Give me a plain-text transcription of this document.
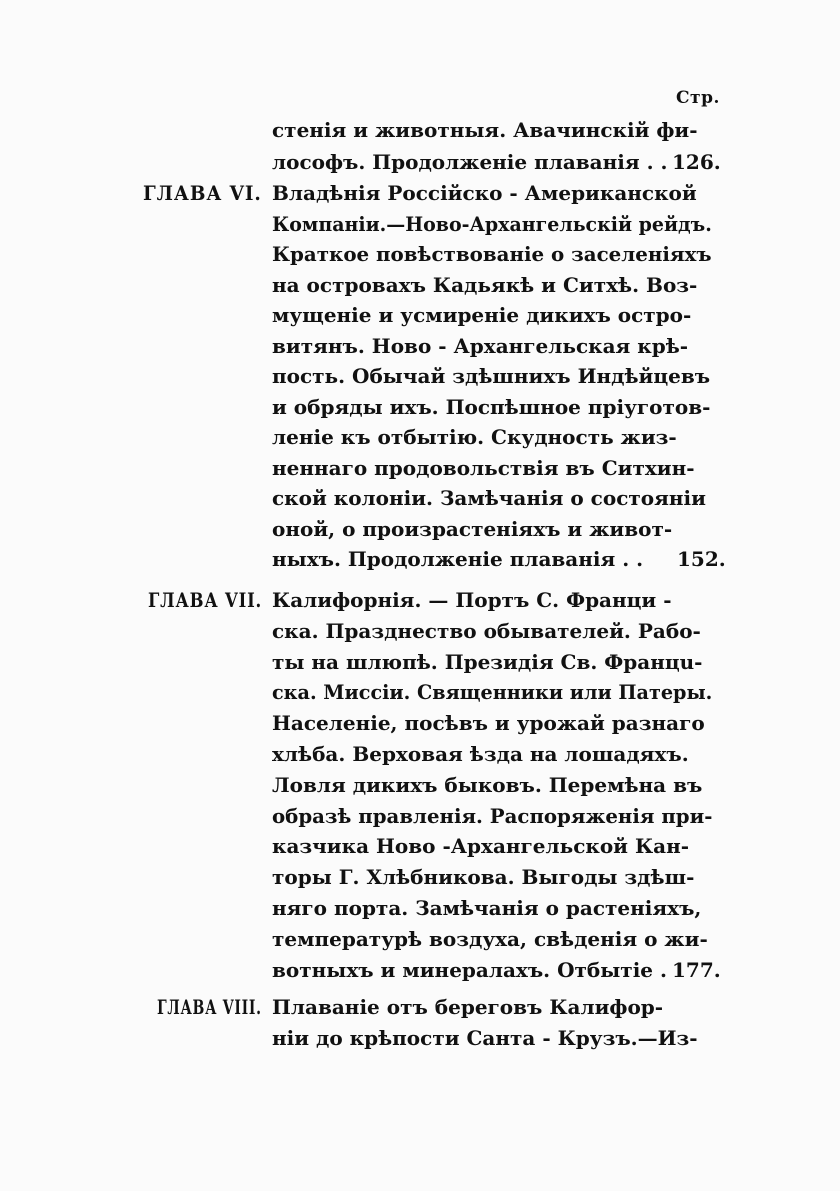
Стр.
стенія и животныя. Авачинскій фи-
лософъ. Продолженіе плаванія . . 126.
ГЛАВА VI. Владѣнія Россійско - Американской
Компаніи.—Ново-Архангельскій рейдъ.
Краткое повѣствованіе о заселеніяхъ
на островахъ Кадьякѣ и Ситхѣ. Воз-
мущеніе и усмиреніе дикихъ остро-
витянъ. Ново - Архангельская крѣ-
пость. Обычай здѣшнихъ Индѣйцевъ
и обряды ихъ. Поспѣшное пріуготов-
леніе къ отбытію. Скудность жиз-
неннаго продовольствія въ Ситхин-
ской колоніи. Замѣчанія о состояніи
оной, о произрастеніяхъ и живот-
ныхъ. Продолженіе плаванія . . 152.
ГЛАВА VII. Калифорнія. — Портъ С. Франци -
ска. Празднество обывателей. Рабо-
ты на шлюпѣ. Президія Св. Францu-
ска. Миссіи. Священники или Патеры.
Населеніе, посѣвъ и урожай разнаго
хлѣба. Верховая ѣзда на лошадяхъ.
Ловля дикихъ быковъ. Перемѣна въ
образѣ правленія. Распоряженія при-
казчика Ново -Архангельской Кан-
торы Г. Хлѣбникова. Выгоды здѣш-
няго порта. Замѣчанія о растеніяхъ,
температурѣ воздуха, свѣденія о жи-
вотныхъ и минералахъ. Отбытіе . 177.
ГЛАВА VIII. Плаваніе отъ береговъ Калифор-
ніи до крѣпости Санта - Крузъ.—Из-
